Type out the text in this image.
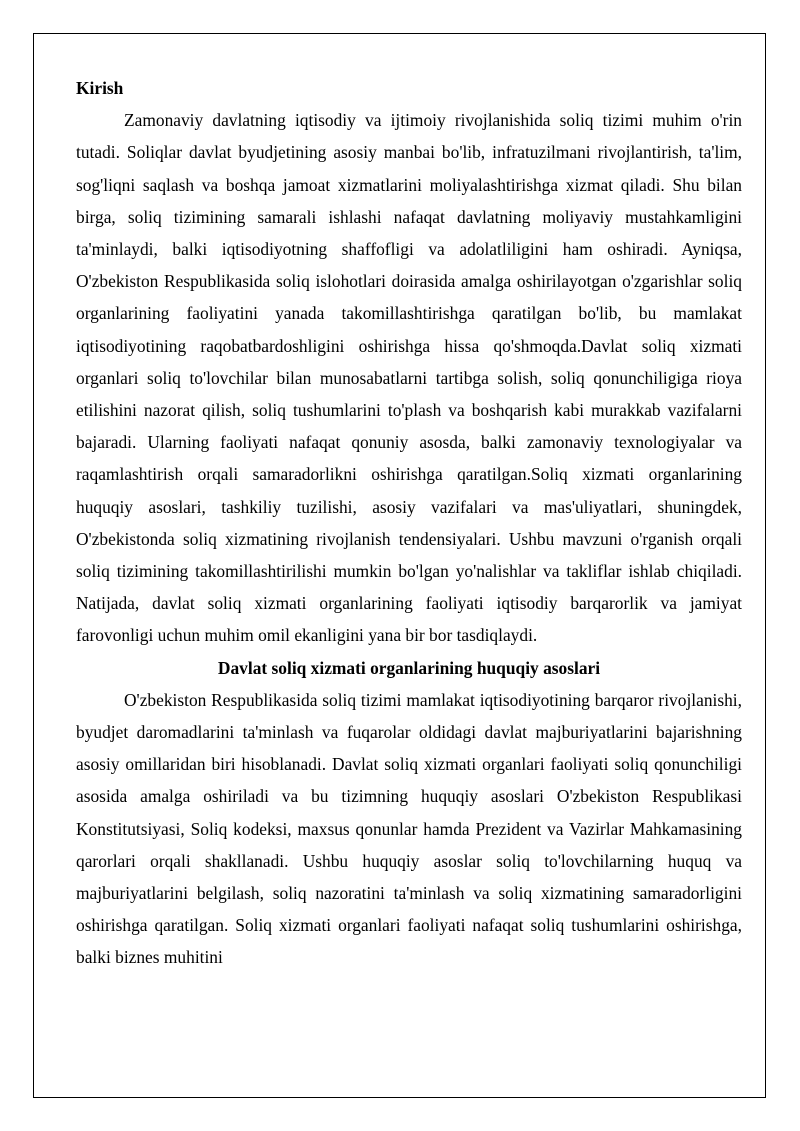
Kirish

Zamonaviy davlatning iqtisodiy va ijtimoiy rivojlanishida soliq tizimi muhim o'rin tutadi. Soliqlar davlat byudjetining asosiy manbai bo'lib, infratuzilmani rivojlantirish, ta'lim, sog'liqni saqlash va boshqa jamoat xizmatlarini moliyalashtirishga xizmat qiladi. Shu bilan birga, soliq tizimining samarali ishlashi nafaqat davlatning moliyaviy mustahkamligini ta'minlaydi, balki iqtisodiyotning shaffofligi va adolatliligini ham oshiradi. Ayniqsa, O'zbekiston Respublikasida soliq islohotlari doirasida amalga oshirilayotgan o'zgarishlar soliq organlarining faoliyatini yanada takomillashtirishga qaratilgan bo'lib, bu mamlakat iqtisodiyotining raqobatbardoshligini oshirishga hissa qo'shmoqda.Davlat soliq xizmati organlari soliq to'lovchilar bilan munosabatlarni tartibga solish, soliq qonunchiligiga rioya etilishini nazorat qilish, soliq tushumlarini to'plash va boshqarish kabi murakkab vazifalarni bajaradi. Ularning faoliyati nafaqat qonuniy asosda, balki zamonaviy texnologiyalar va raqamlashtirish orqali samaradorlikni oshirishga qaratilgan.Soliq xizmati organlarining huquqiy asoslari, tashkiliy tuzilishi, asosiy vazifalari va mas'uliyatlari, shuningdek, O'zbekistonda soliq xizmatining rivojlanish tendensiyalari. Ushbu mavzuni o'rganish orqali soliq tizimining takomillashtirilishi mumkin bo'lgan yo'nalishlar va takliflar ishlab chiqiladi. Natijada, davlat soliq xizmati organlarining faoliyati iqtisodiy barqarorlik va jamiyat farovonligi uchun muhim omil ekanligini yana bir bor tasdiqlaydi.

Davlat soliq xizmati organlarining huquqiy asoslari

O'zbekiston Respublikasida soliq tizimi mamlakat iqtisodiyotining barqaror rivojlanishi, byudjet daromadlarini ta'minlash va fuqarolar oldidagi davlat majburiyatlarini bajarishning asosiy omillaridan biri hisoblanadi. Davlat soliq xizmati organlari faoliyati soliq qonunchiligi asosida amalga oshiriladi va bu tizimning huquqiy asoslari O'zbekiston Respublikasi Konstitutsiyasi, Soliq kodeksi, maxsus qonunlar hamda Prezident va Vazirlar Mahkamasining qarorlari orqali shakllanadi. Ushbu huquqiy asoslar soliq to'lovchilarning huquq va majburiyatlarini belgilash, soliq nazoratini ta'minlash va soliq xizmatining samaradorligini oshirishga qaratilgan. Soliq xizmati organlari faoliyati nafaqat soliq tushumlarini oshirishga, balki biznes muhitini
